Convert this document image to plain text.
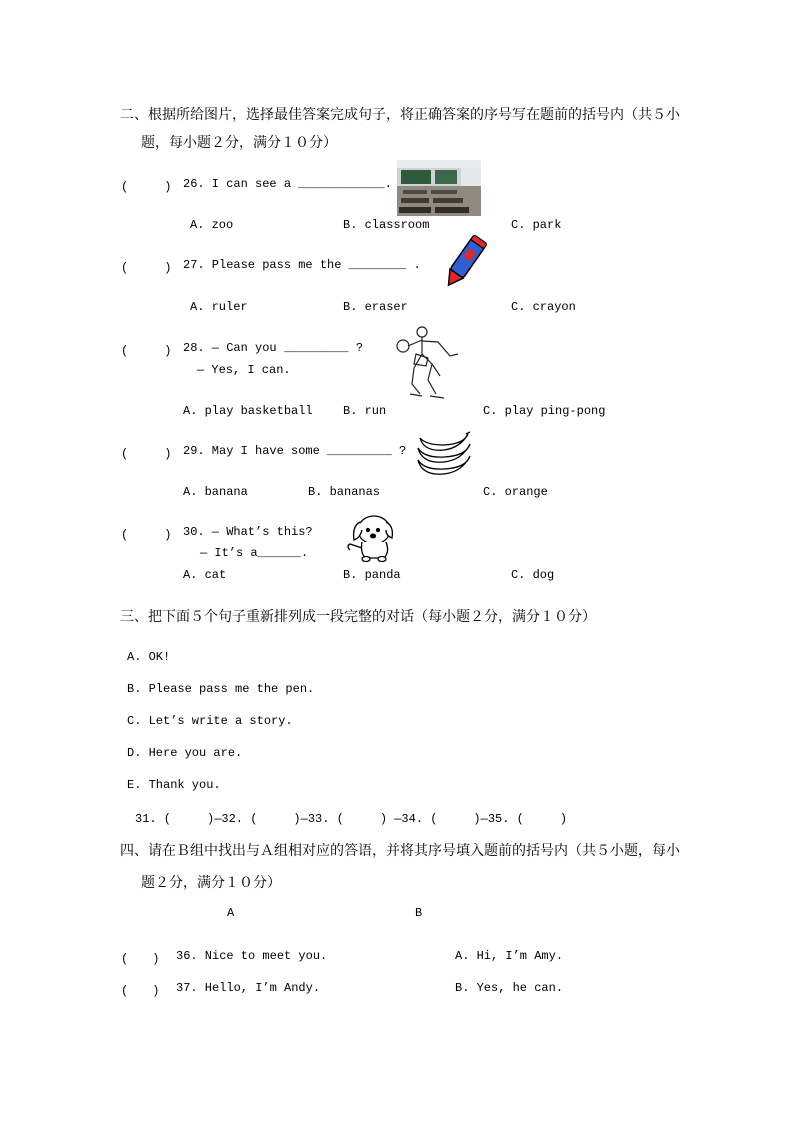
二、根据所给图片，选择最佳答案完成句子，将正确答案的序号写在题前的括号内（共５小
题，每小题２分，满分１０分）
(　　　) 26. I can see a ____________.
A. zoo	B. classroom	C. park
(　　　) 27. Please pass me the ________ .
A. ruler	B. eraser	C. crayon
(　　　) 28. — Can you _________ ?
— Yes, I can.
A. play basketball	B. run	C. play ping-pong
(　　　) 29. May I have some _________ ?
A. banana	B. bananas	C. orange
(　　　) 30. — What’s this?
— It’s a______.
A. cat	B. panda	C. dog
三、把下面５个句子重新排列成一段完整的对话（每小题２分，满分１０分）
A. OK!
B. Please pass me the pen.
C. Let’s write a story.
D. Here you are.
E. Thank you.
31. (　　　)—32. (　　　)—33. (　　　) —34. (　　　)—35. (　　　)
四、请在Ｂ组中找出与Ａ组相对应的答语，并将其序号填入题前的括号内（共５小题，每小
题２分，满分１０分）
A	B
(　　) 36. Nice to meet you.	A. Hi, I’m Amy.
(　　) 37. Hello, I’m Andy.	B. Yes, he can.
